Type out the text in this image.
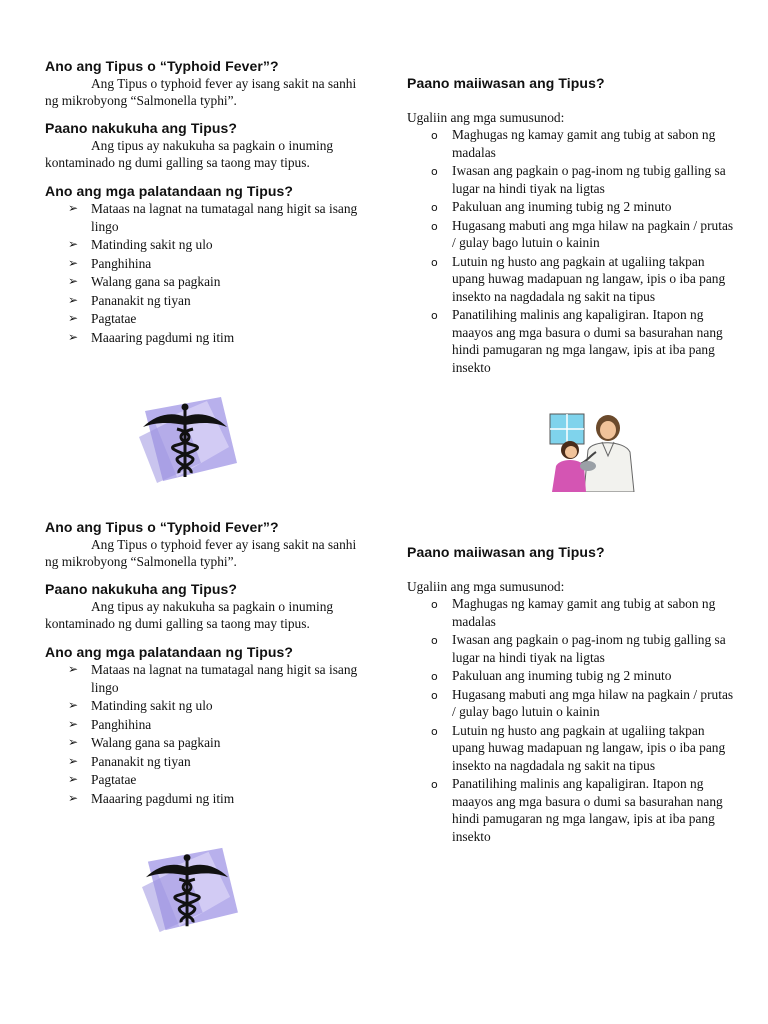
Ano ang Tipus o “Typhoid Fever”?

Ang Tipus o typhoid fever ay isang sakit na sanhi ng mikrobyong “Salmonella typhi”.

Paano nakukuha ang Tipus?

Ang tipus ay nakukuha sa pagkain o inuming kontaminado ng dumi galling sa taong may tipus.

Ano ang mga palatandaan ng Tipus?
➢ Mataas na lagnat na tumatagal nang higit sa isang lingo
➢ Matinding sakit ng ulo
➢ Panghihina
➢ Walang gana sa pagkain
➢ Pananakit ng tiyan
➢ Pagtatae
➢ Maaaring pagdumi ng itim
Paano maiiwasan ang Tipus?

Ugaliin ang mga sumusunod:

o Maghugas ng kamay gamit ang tubig at sabon ng madalas
o Iwasan ang pagkain o pag-inom ng tubig galling sa lugar na hindi tiyak na ligtas
o Pakuluan ang inuming tubig ng 2 minuto
o Hugasang mabuti ang mga hilaw na pagkain / prutas / gulay bago lutuin o kainin
o Lutuin ng husto ang pagkain at ugaliing takpan upang huwag madapuan ng langaw, ipis o iba pang insekto na nagdadala ng sakit na tipus
o Panatilihing malinis ang kapaligiran. Itapon ng maayos ang mga basura o dumi sa basurahan nang hindi pamugaran ng mga langaw, ipis at iba pang insekto
Ano ang Tipus o “Typhoid Fever”?

Ang Tipus o typhoid fever ay isang sakit na sanhi ng mikrobyong “Salmonella typhi”.

Paano nakukuha ang Tipus?

Ang tipus ay nakukuha sa pagkain o inuming kontaminado ng dumi galling sa taong may tipus.

Ano ang mga palatandaan ng Tipus?
➢ Mataas na lagnat na tumatagal nang higit sa isang lingo
➢ Matinding sakit ng ulo
➢ Panghihina
➢ Walang gana sa pagkain
➢ Pananakit ng tiyan
➢ Pagtatae
➢ Maaaring pagdumi ng itim
Paano maiiwasan ang Tipus?

Ugaliin ang mga sumusunod:

o Maghugas ng kamay gamit ang tubig at sabon ng madalas
o Iwasan ang pagkain o pag-inom ng tubig galling sa lugar na hindi tiyak na ligtas
o Pakuluan ang inuming tubig ng 2 minuto
o Hugasang mabuti ang mga hilaw na pagkain / prutas / gulay bago lutuin o kainin
o Lutuin ng husto ang pagkain at ugaliing takpan upang huwag madapuan ng langaw, ipis o iba pang insekto na nagdadala ng sakit na tipus
o Panatilihing malinis ang kapaligiran. Itapon ng maayos ang mga basura o dumi sa basurahan nang hindi pamugaran ng mga langaw, ipis at iba pang insekto
